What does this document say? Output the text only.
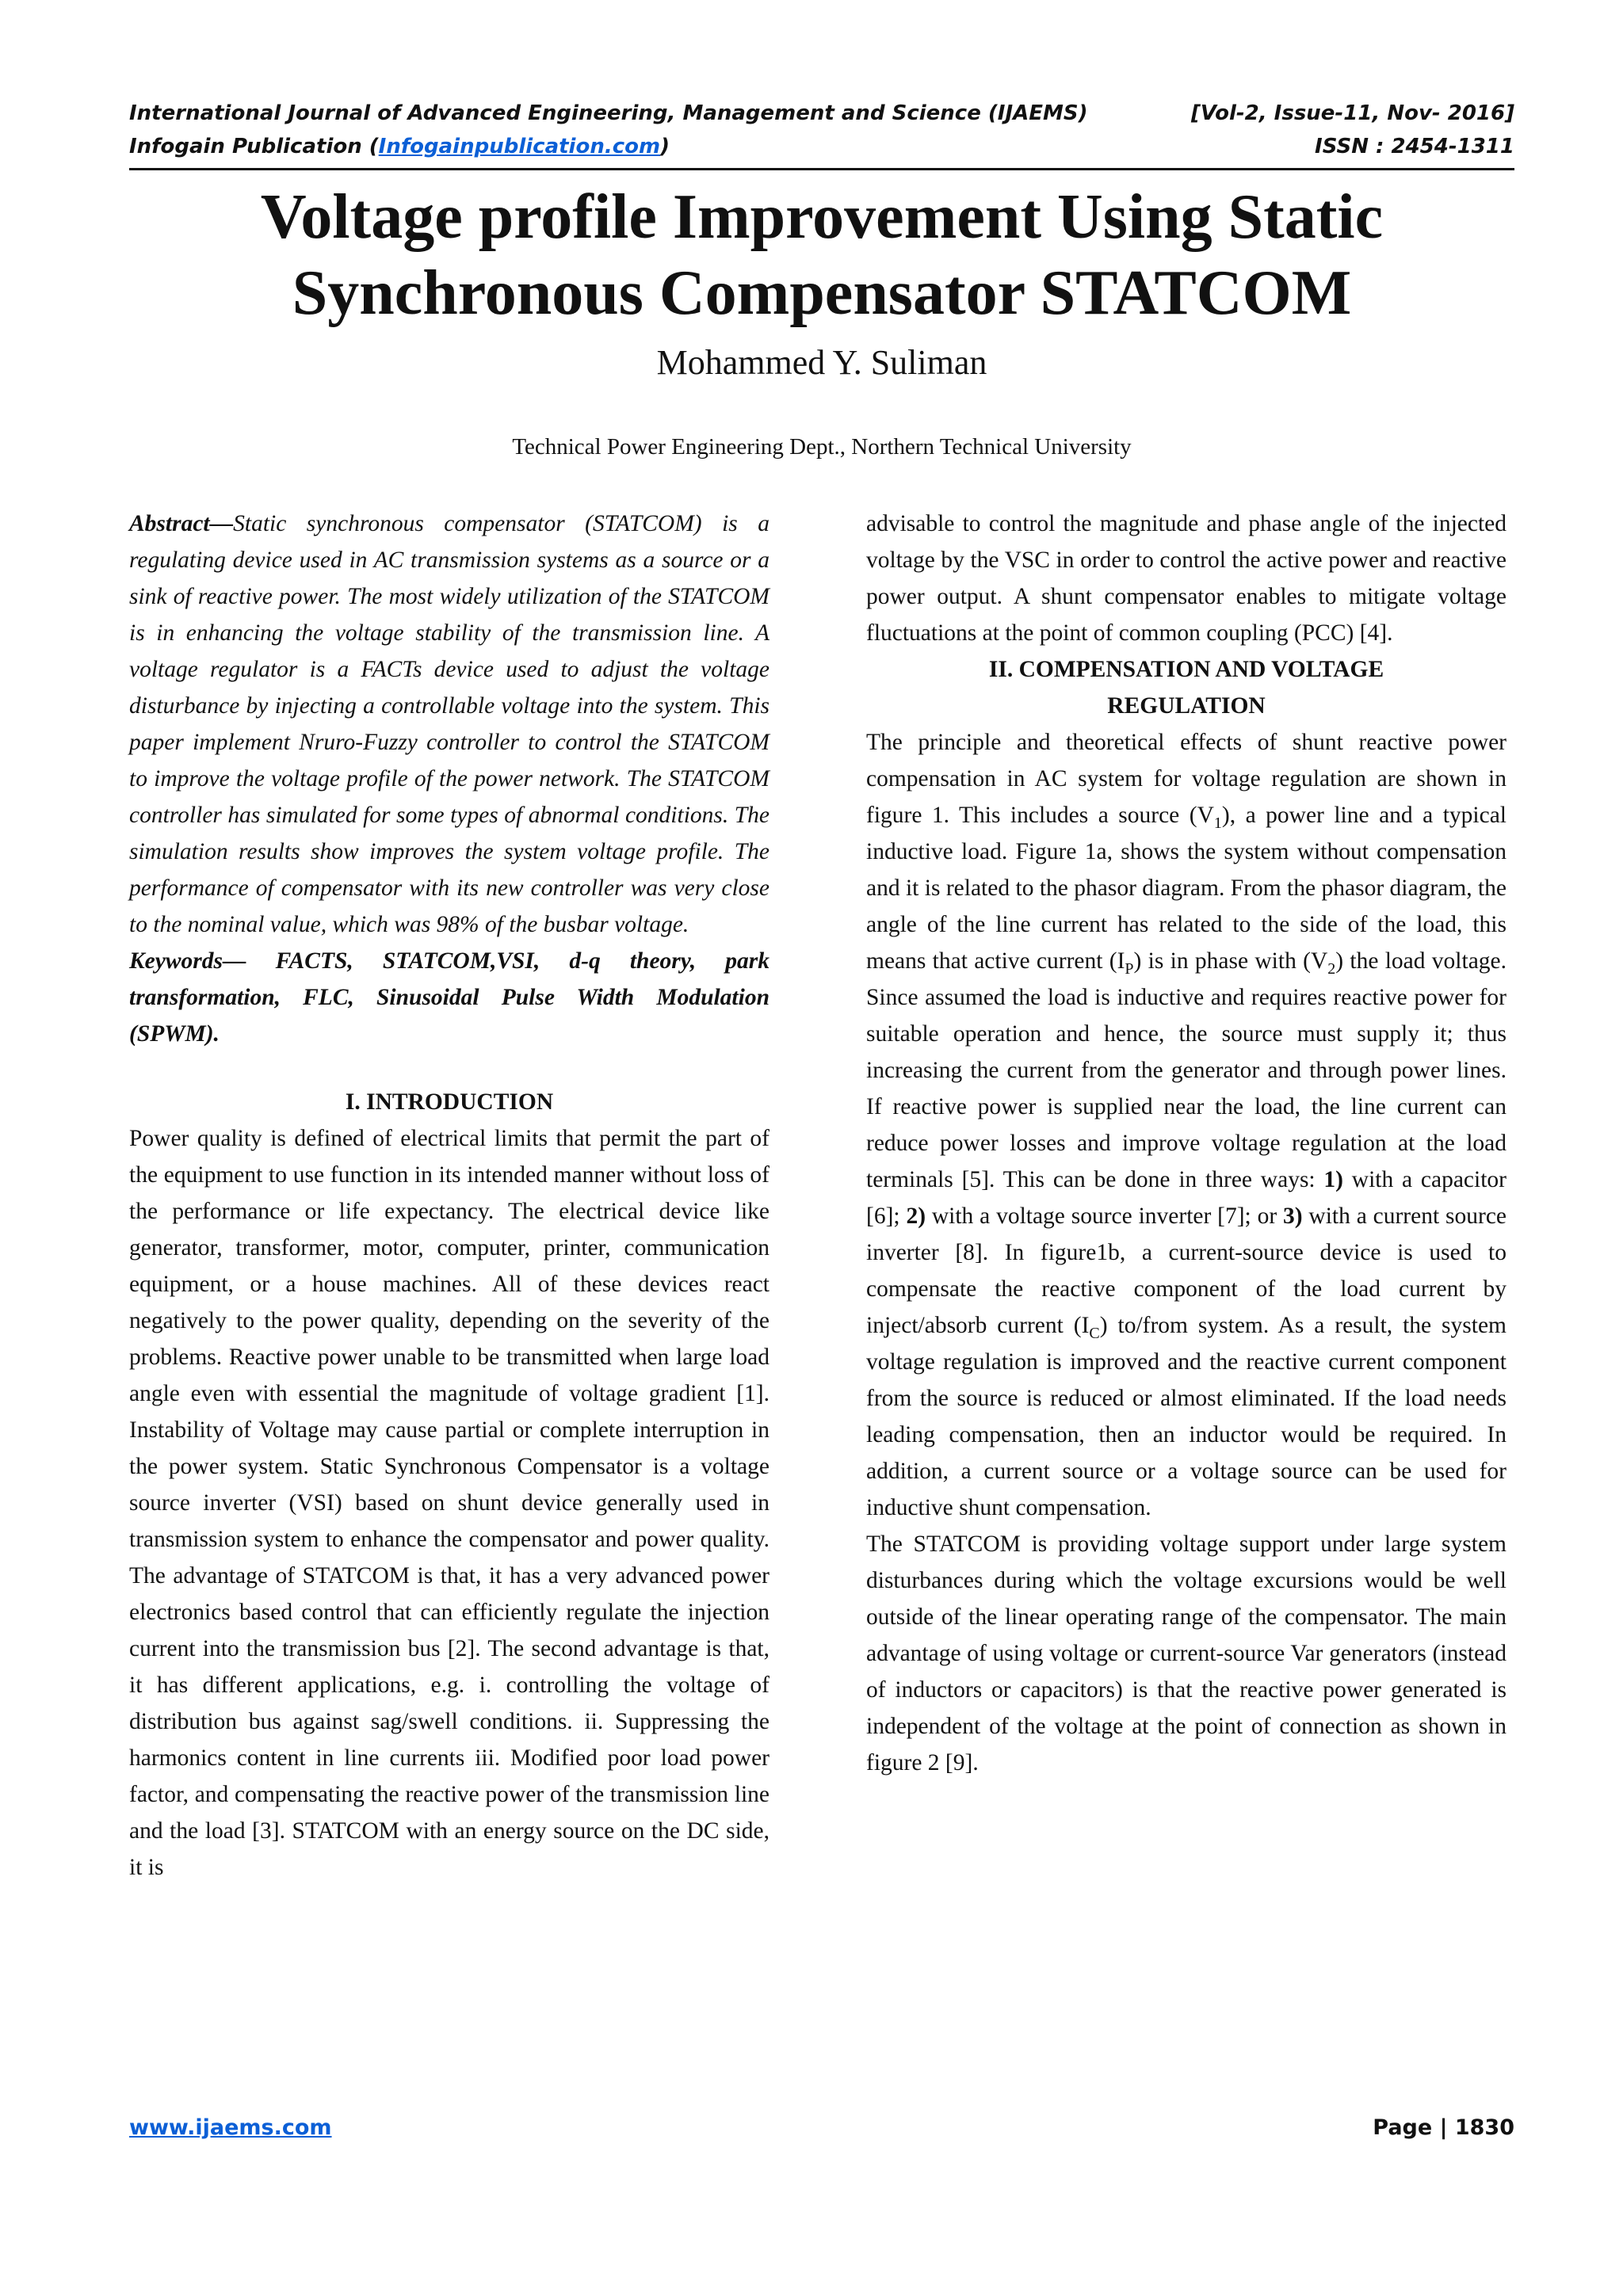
International Journal of Advanced Engineering, Management and Science (IJAEMS)	[Vol-2, Issue-11, Nov- 2016]
Infogain Publication (Infogainpublication.com)	ISSN : 2454-1311
Voltage profile Improvement Using Static
Synchronous Compensator STATCOM
Mohammed Y. Suliman
Technical Power Engineering Dept., Northern Technical University

Abstract—Static synchronous compensator (STATCOM) is a regulating device used in AC transmission systems as a source or a sink of reactive power. The most widely utilization of the STATCOM is in enhancing the voltage stability of the transmission line. A voltage regulator is a FACTs device used to adjust the voltage disturbance by injecting a controllable voltage into the system. This paper implement Nruro-Fuzzy controller to control the STATCOM to improve the voltage profile of the power network. The STATCOM controller has simulated for some types of abnormal conditions. The simulation results show improves the system voltage profile. The performance of compensator with its new controller was very close to the nominal value, which was 98% of the busbar voltage.

Keywords— FACTS, STATCOM,VSI, d-q theory, park transformation, FLC, Sinusoidal Pulse Width Modulation (SPWM).

I. INTRODUCTION

Power quality is defined of electrical limits that permit the part of the equipment to use function in its intended manner without loss of the performance or life expectancy. The electrical device like generator, transformer, motor, computer, printer, communication equipment, or a house machines. All of these devices react negatively to the power quality, depending on the severity of the problems. Reactive power unable to be transmitted when large load angle even with essential the magnitude of voltage gradient [1]. Instability of Voltage may cause partial or complete interruption in the power system. Static Synchronous Compensator is a voltage source inverter (VSI) based on shunt device generally used in transmission system to enhance the compensator and power quality. The advantage of STATCOM is that, it has a very advanced power electronics based control that can efficiently regulate the injection current into the transmission bus [2]. The second advantage is that, it has different applications, e.g. i. controlling the voltage of distribution bus against sag/swell conditions. ii. Suppressing the harmonics content in line currents iii. Modified poor load power factor, and compensating the reactive power of the transmission line and the load [3]. STATCOM with an energy source on the DC side, it is

advisable to control the magnitude and phase angle of the injected voltage by the VSC in order to control the active power and reactive power output. A shunt compensator enables to mitigate voltage fluctuations at the point of common coupling (PCC) [4].

II. COMPENSATION AND VOLTAGE
REGULATION

The principle and theoretical effects of shunt reactive power compensation in AC system for voltage regulation are shown in figure 1. This includes a source $(V_1)$, a power line and a typical inductive load. Figure 1a, shows the system without compensation and it is related to the phasor diagram. From the phasor diagram, the angle of the line current has related to the side of the load, this means that active current $(I_P)$ is in phase with $(V_2)$ the load voltage. Since assumed the load is inductive and requires reactive power for suitable operation and hence, the source must supply it; thus increasing the current from the generator and through power lines. If reactive power is supplied near the load, the line current can reduce power losses and improve voltage regulation at the load terminals [5]. This can be done in three ways: 1) with a capacitor [6]; 2) with a voltage source inverter [7]; or 3) with a current source inverter [8]. In figure1b, a current-source device is used to compensate the reactive component of the load current by inject/absorb current $(I_C)$ to/from system. As a result, the system voltage regulation is improved and the reactive current component from the source is reduced or almost eliminated. If the load needs leading compensation, then an inductor would be required. In addition, a current source or a voltage source can be used for inductive shunt compensation.

The STATCOM is providing voltage support under large system disturbances during which the voltage excursions would be well outside of the linear operating range of the compensator. The main advantage of using voltage or current-source Var generators (instead of inductors or capacitors) is that the reactive power generated is independent of the voltage at the point of connection as shown in figure 2 [9].

www.ijaems.com	Page | 1830
